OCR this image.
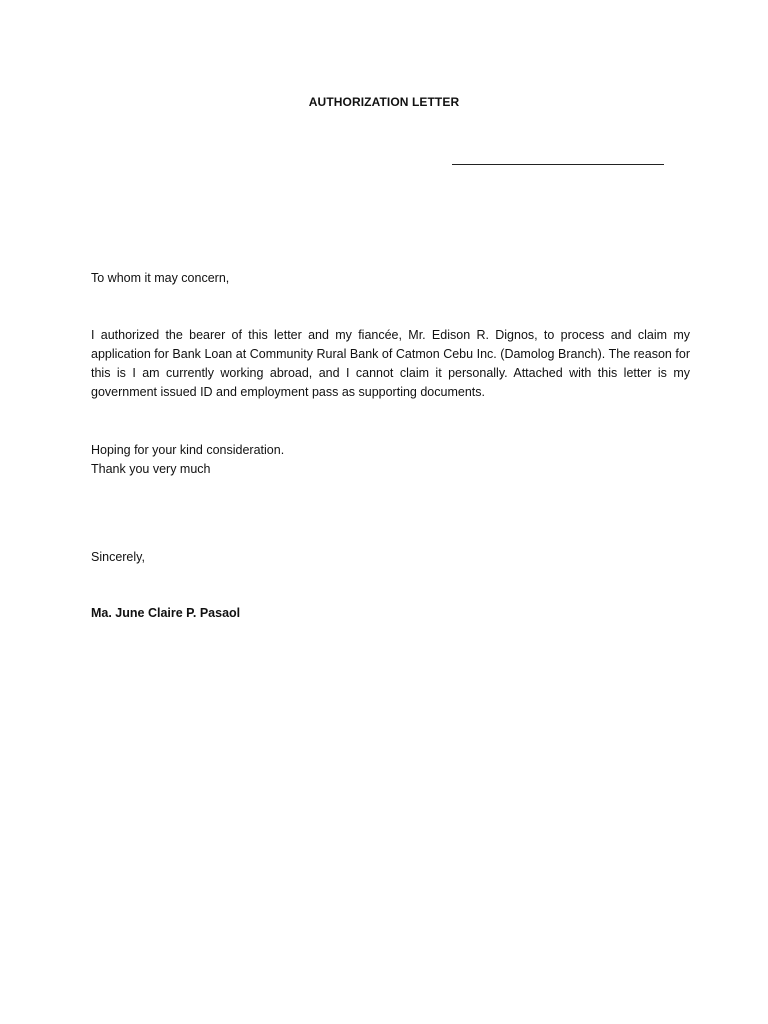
AUTHORIZATION LETTER
To whom it may concern,
I authorized the bearer of this letter and my fiancée, Mr. Edison R. Dignos, to process and claim my application for Bank Loan at Community Rural Bank of Catmon Cebu Inc. (Damolog Branch). The reason for this is I am currently working abroad, and I cannot claim it personally. Attached with this letter is my government issued ID and employment pass as supporting documents.
Hoping for your kind consideration.
Thank you very much
Sincerely,
Ma. June Claire P. Pasaol
